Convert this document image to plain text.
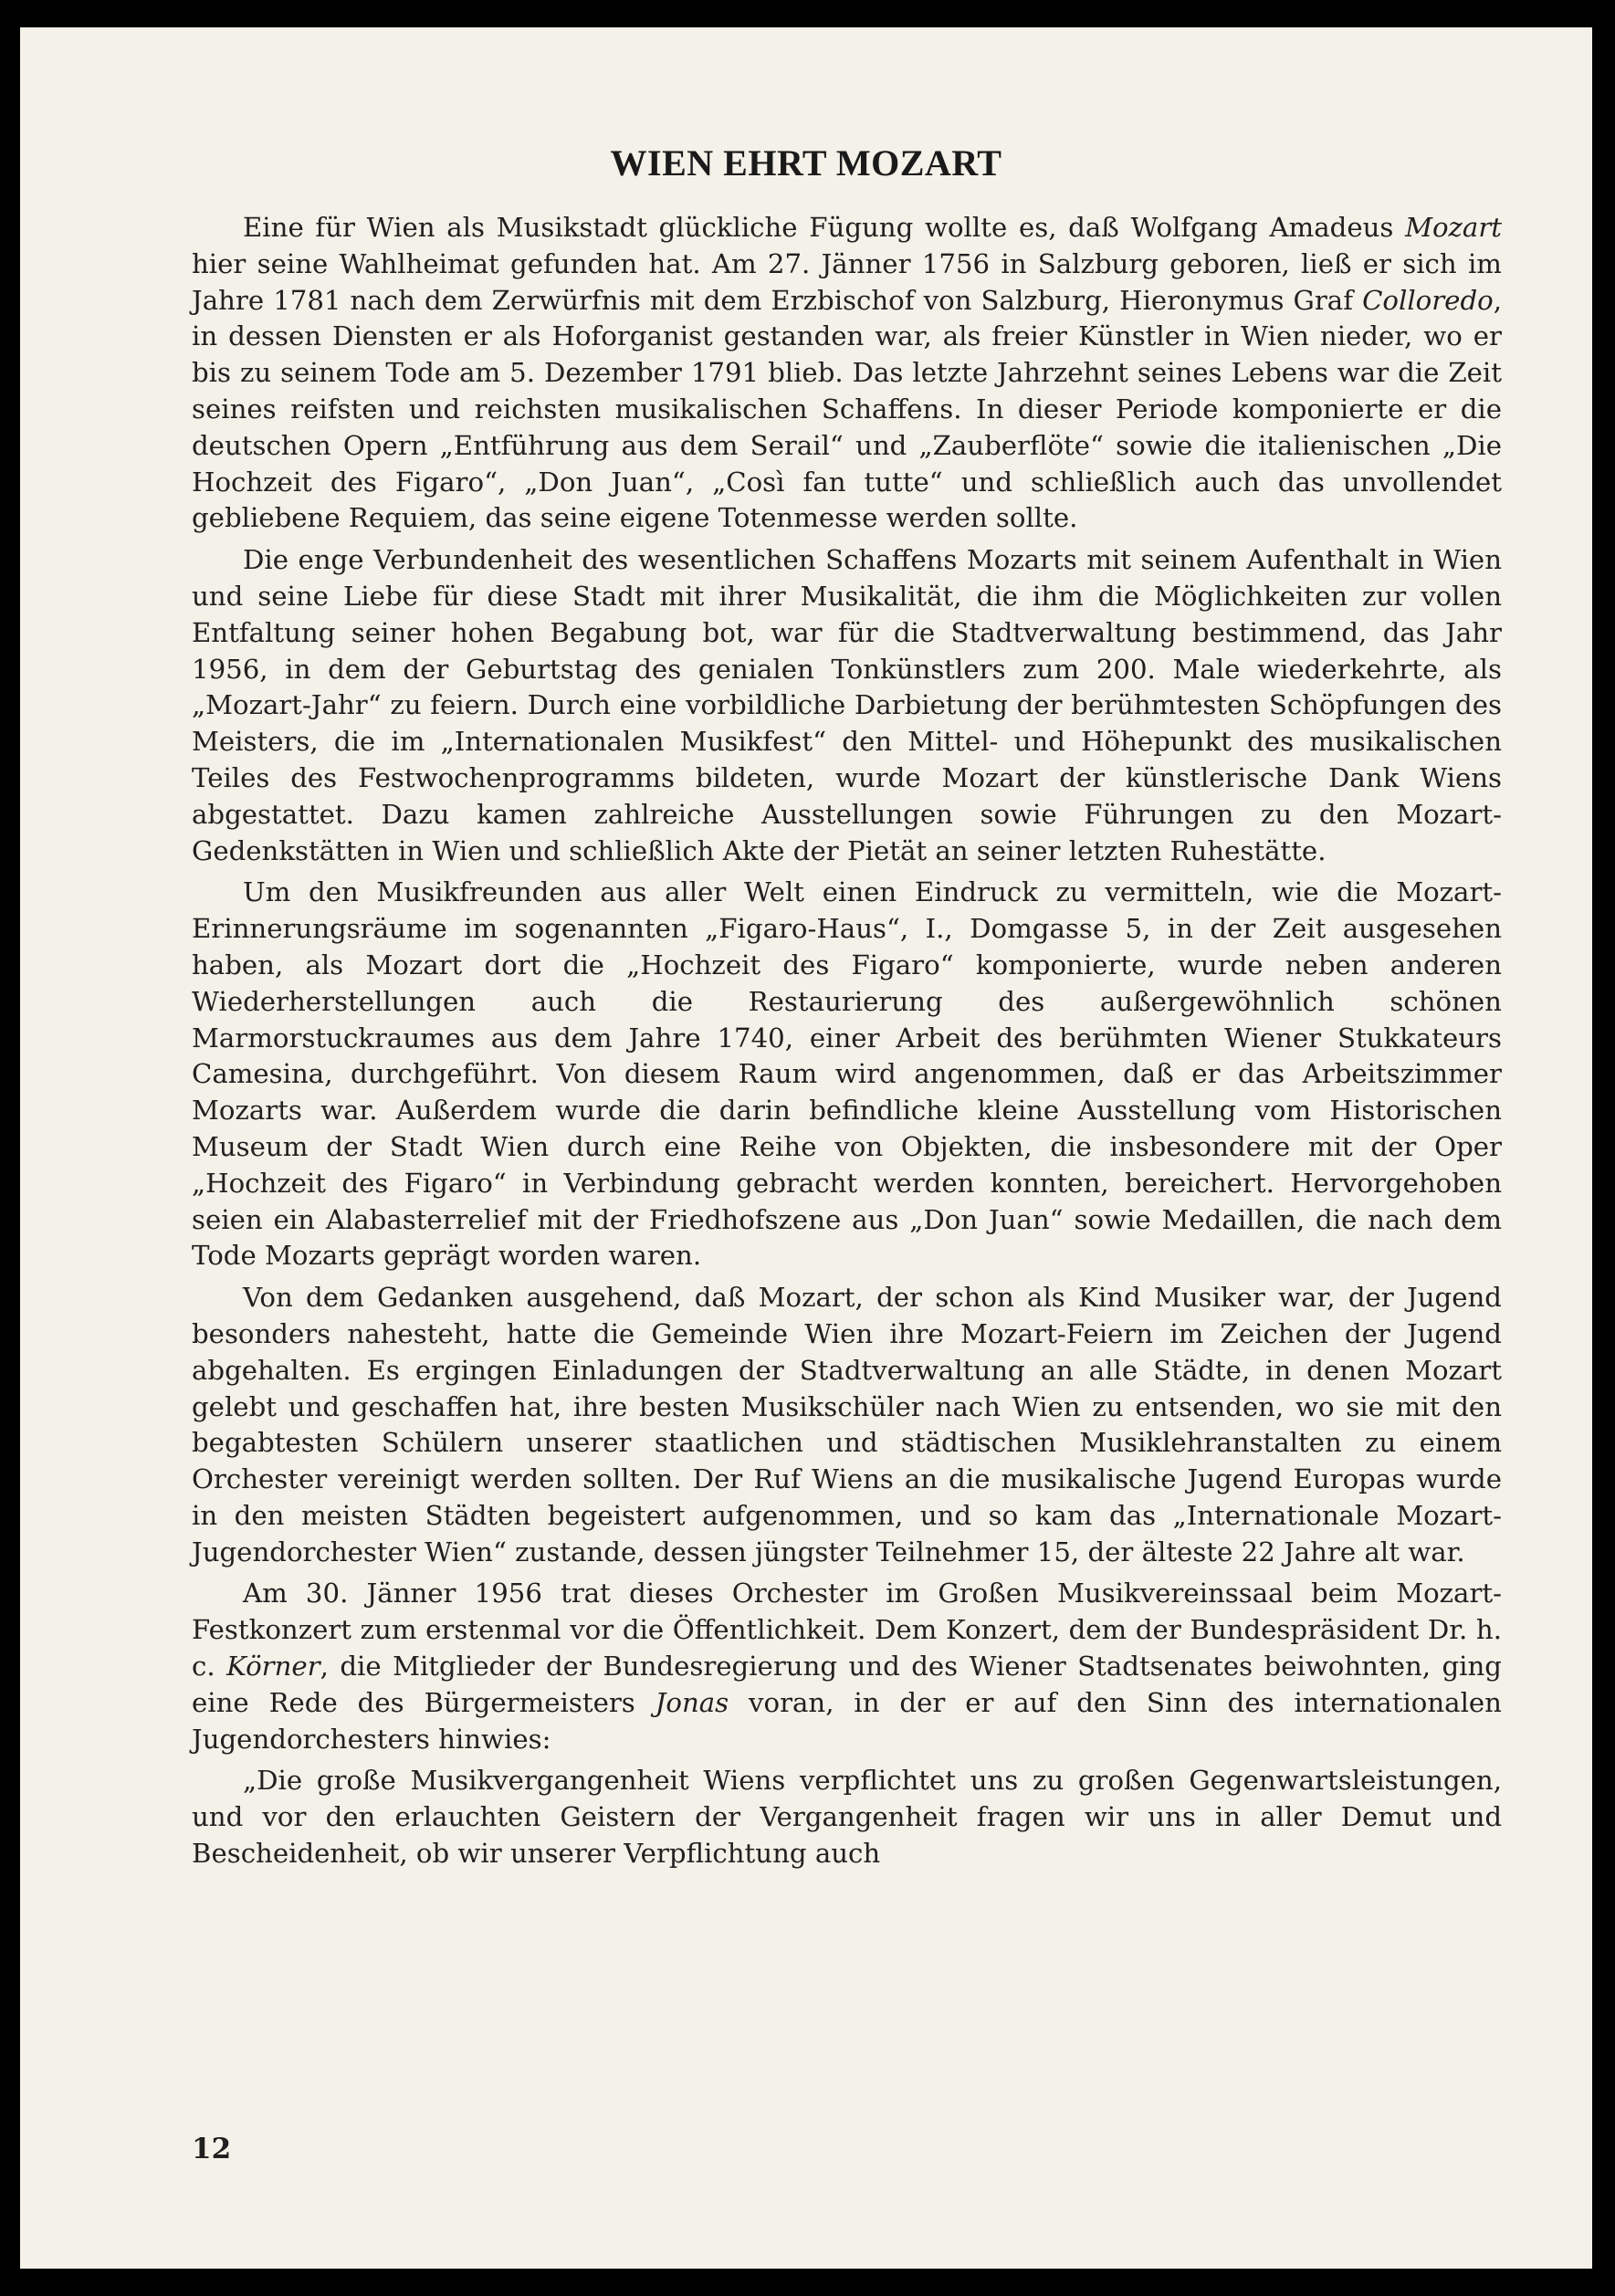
WIEN EHRT MOZART

Eine für Wien als Musikstadt glückliche Fügung wollte es, daß Wolfgang Amadeus Mozart hier seine Wahlheimat gefunden hat. Am 27. Jänner 1756 in Salzburg geboren, ließ er sich im Jahre 1781 nach dem Zerwürfnis mit dem Erzbischof von Salzburg, Hieronymus Graf Colloredo, in dessen Diensten er als Hoforganist gestanden war, als freier Künstler in Wien nieder, wo er bis zu seinem Tode am 5. Dezember 1791 blieb. Das letzte Jahrzehnt seines Lebens war die Zeit seines reifsten und reichsten musikalischen Schaffens. In dieser Periode komponierte er die deutschen Opern „Entführung aus dem Serail“ und „Zauberflöte“ sowie die italienischen „Die Hochzeit des Figaro“, „Don Juan“, „Così fan tutte“ und schließlich auch das unvollendet gebliebene Requiem, das seine eigene Totenmesse werden sollte.

Die enge Verbundenheit des wesentlichen Schaffens Mozarts mit seinem Aufenthalt in Wien und seine Liebe für diese Stadt mit ihrer Musikalität, die ihm die Möglichkeiten zur vollen Entfaltung seiner hohen Begabung bot, war für die Stadtverwaltung bestimmend, das Jahr 1956, in dem der Geburtstag des genialen Tonkünstlers zum 200. Male wiederkehrte, als „Mozart-Jahr“ zu feiern. Durch eine vorbildliche Darbietung der berühmtesten Schöpfungen des Meisters, die im „Internationalen Musikfest“ den Mittel- und Höhepunkt des musikalischen Teiles des Festwochenprogramms bildeten, wurde Mozart der künstlerische Dank Wiens abgestattet. Dazu kamen zahlreiche Ausstellungen sowie Führungen zu den Mozart-Gedenkstätten in Wien und schließlich Akte der Pietät an seiner letzten Ruhestätte.

Um den Musikfreunden aus aller Welt einen Eindruck zu vermitteln, wie die Mozart-Erinnerungsräume im sogenannten „Figaro-Haus“, I., Domgasse 5, in der Zeit ausgesehen haben, als Mozart dort die „Hochzeit des Figaro“ komponierte, wurde neben anderen Wiederherstellungen auch die Restaurierung des außergewöhnlich schönen Marmorstuckraumes aus dem Jahre 1740, einer Arbeit des berühmten Wiener Stukkateurs Camesina, durchgeführt. Von diesem Raum wird angenommen, daß er das Arbeitszimmer Mozarts war. Außerdem wurde die darin befindliche kleine Ausstellung vom Historischen Museum der Stadt Wien durch eine Reihe von Objekten, die insbesondere mit der Oper „Hochzeit des Figaro“ in Verbindung gebracht werden konnten, bereichert. Hervorgehoben seien ein Alabasterrelief mit der Friedhofszene aus „Don Juan“ sowie Medaillen, die nach dem Tode Mozarts geprägt worden waren.

Von dem Gedanken ausgehend, daß Mozart, der schon als Kind Musiker war, der Jugend besonders nahesteht, hatte die Gemeinde Wien ihre Mozart-Feiern im Zeichen der Jugend abgehalten. Es ergingen Einladungen der Stadtverwaltung an alle Städte, in denen Mozart gelebt und geschaffen hat, ihre besten Musikschüler nach Wien zu entsenden, wo sie mit den begabtesten Schülern unserer staatlichen und städtischen Musiklehranstalten zu einem Orchester vereinigt werden sollten. Der Ruf Wiens an die musikalische Jugend Europas wurde in den meisten Städten begeistert aufgenommen, und so kam das „Internationale Mozart-Jugendorchester Wien“ zustande, dessen jüngster Teilnehmer 15, der älteste 22 Jahre alt war.

Am 30. Jänner 1956 trat dieses Orchester im Großen Musikvereinssaal beim Mozart-Festkonzert zum erstenmal vor die Öffentlichkeit. Dem Konzert, dem der Bundespräsident Dr. h. c. Körner, die Mitglieder der Bundesregierung und des Wiener Stadtsenates beiwohnten, ging eine Rede des Bürgermeisters Jonas voran, in der er auf den Sinn des internationalen Jugendorchesters hinwies:

„Die große Musikvergangenheit Wiens verpflichtet uns zu großen Gegenwartsleistungen, und vor den erlauchten Geistern der Vergangenheit fragen wir uns in aller Demut und Bescheidenheit, ob wir unserer Verpflichtung auch

12
